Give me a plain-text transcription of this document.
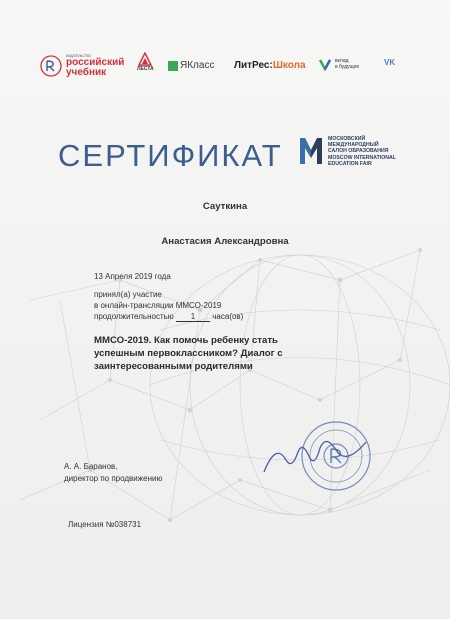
ИЗДАТЕЛЬСТВО
российский
учебник	ЛЕСТА	ЯКласс ЛитРес: Школа	вклад
в будущее	VK
СЕРТИФИКАТ	МОСКОВСКИЙ
МЕЖДУНАРОДНЫЙ
САЛОН ОБРАЗОВАНИЯ
MOSCOW INTERNATIONAL
EDUCATION FAIR
Сауткина
Анастасия Александровна
13 Апреля 2019 года
принял(а) участие
в онлайн-трансляции ММСО-2019
продолжительностью 1 часа(ов)
ММСО-2019. Как помочь ребенку стать успешным первоклассником? Диалог с заинтересованными родителями
А. А. Баранов,
директор по продвижению
Лицензия №038731
